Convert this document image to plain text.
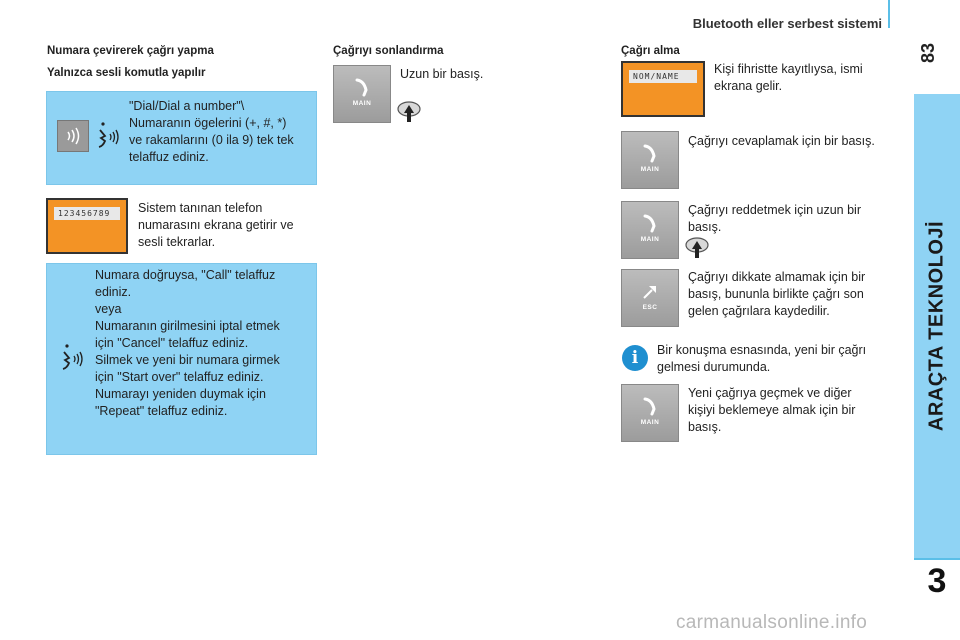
Bluetooth eller serbest sistemi
83
ARAÇTA TEKNOLOJİ
3
Numara çevirerek çağrı yapma
Yalnızca sesli komutla yapılır
"Dial/Dial a number"\
Numaranın ögelerini (+, #, *)
ve rakamlarını (0 ila 9) tek tek
telaffuz ediniz.
123456789	Sistem tanınan telefon
numarasını ekrana getirir ve
sesli tekrarlar.
Numara doğruysa, "Call" telaffuz
ediniz.
veya
Numaranın girilmesini iptal etmek
için "Cancel" telaffuz ediniz.
Silmek ve yeni bir numara girmek
için "Start over" telaffuz ediniz.
Numarayı yeniden duymak için
"Repeat" telaffuz ediniz.
Çağrıyı sonlandırma
MAIN
Uzun bir basış.
Çağrı alma
NOM/NAME
Kişi fihristte kayıtlıysa, ismi
ekrana gelir.
MAIN
Çağrıyı cevaplamak için bir basış.
MAIN
Çağrıyı reddetmek için uzun bir
basış.
ESC
Çağrıyı dikkate almamak için bir
basış, bununla birlikte çağrı son
gelen çağrılara kaydedilir.
i	Bir konuşma esnasında, yeni bir çağrı
gelmesi durumunda.
MAIN
Yeni çağrıya geçmek ve diğer
kişiyi beklemeye almak için bir
basış.
carmanualsonline.info
